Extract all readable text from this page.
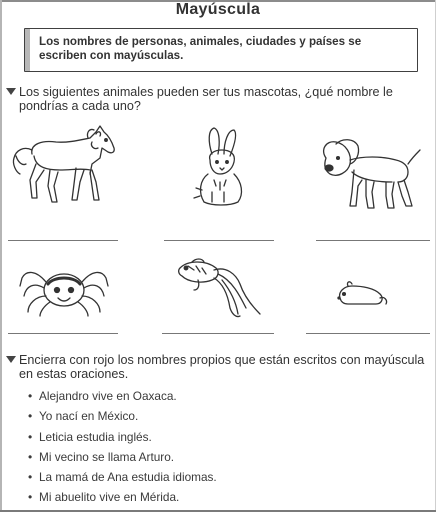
Mayúscula
Los nombres de personas, animales, ciudades y países se escriben con mayúsculas.
Los siguientes animales pueden ser tus mascotas, ¿qué nombre le pondrías a cada uno?
Encierra con rojo los nombres propios que están escritos con mayúscula en estas oraciones.
• Alejandro vive en Oaxaca.
• Yo nací en México.
• Leticia estudia inglés.
• Mi vecino se llama Arturo.
• La mamá de Ana estudia idiomas.
• Mi abuelito vive en Mérida.
